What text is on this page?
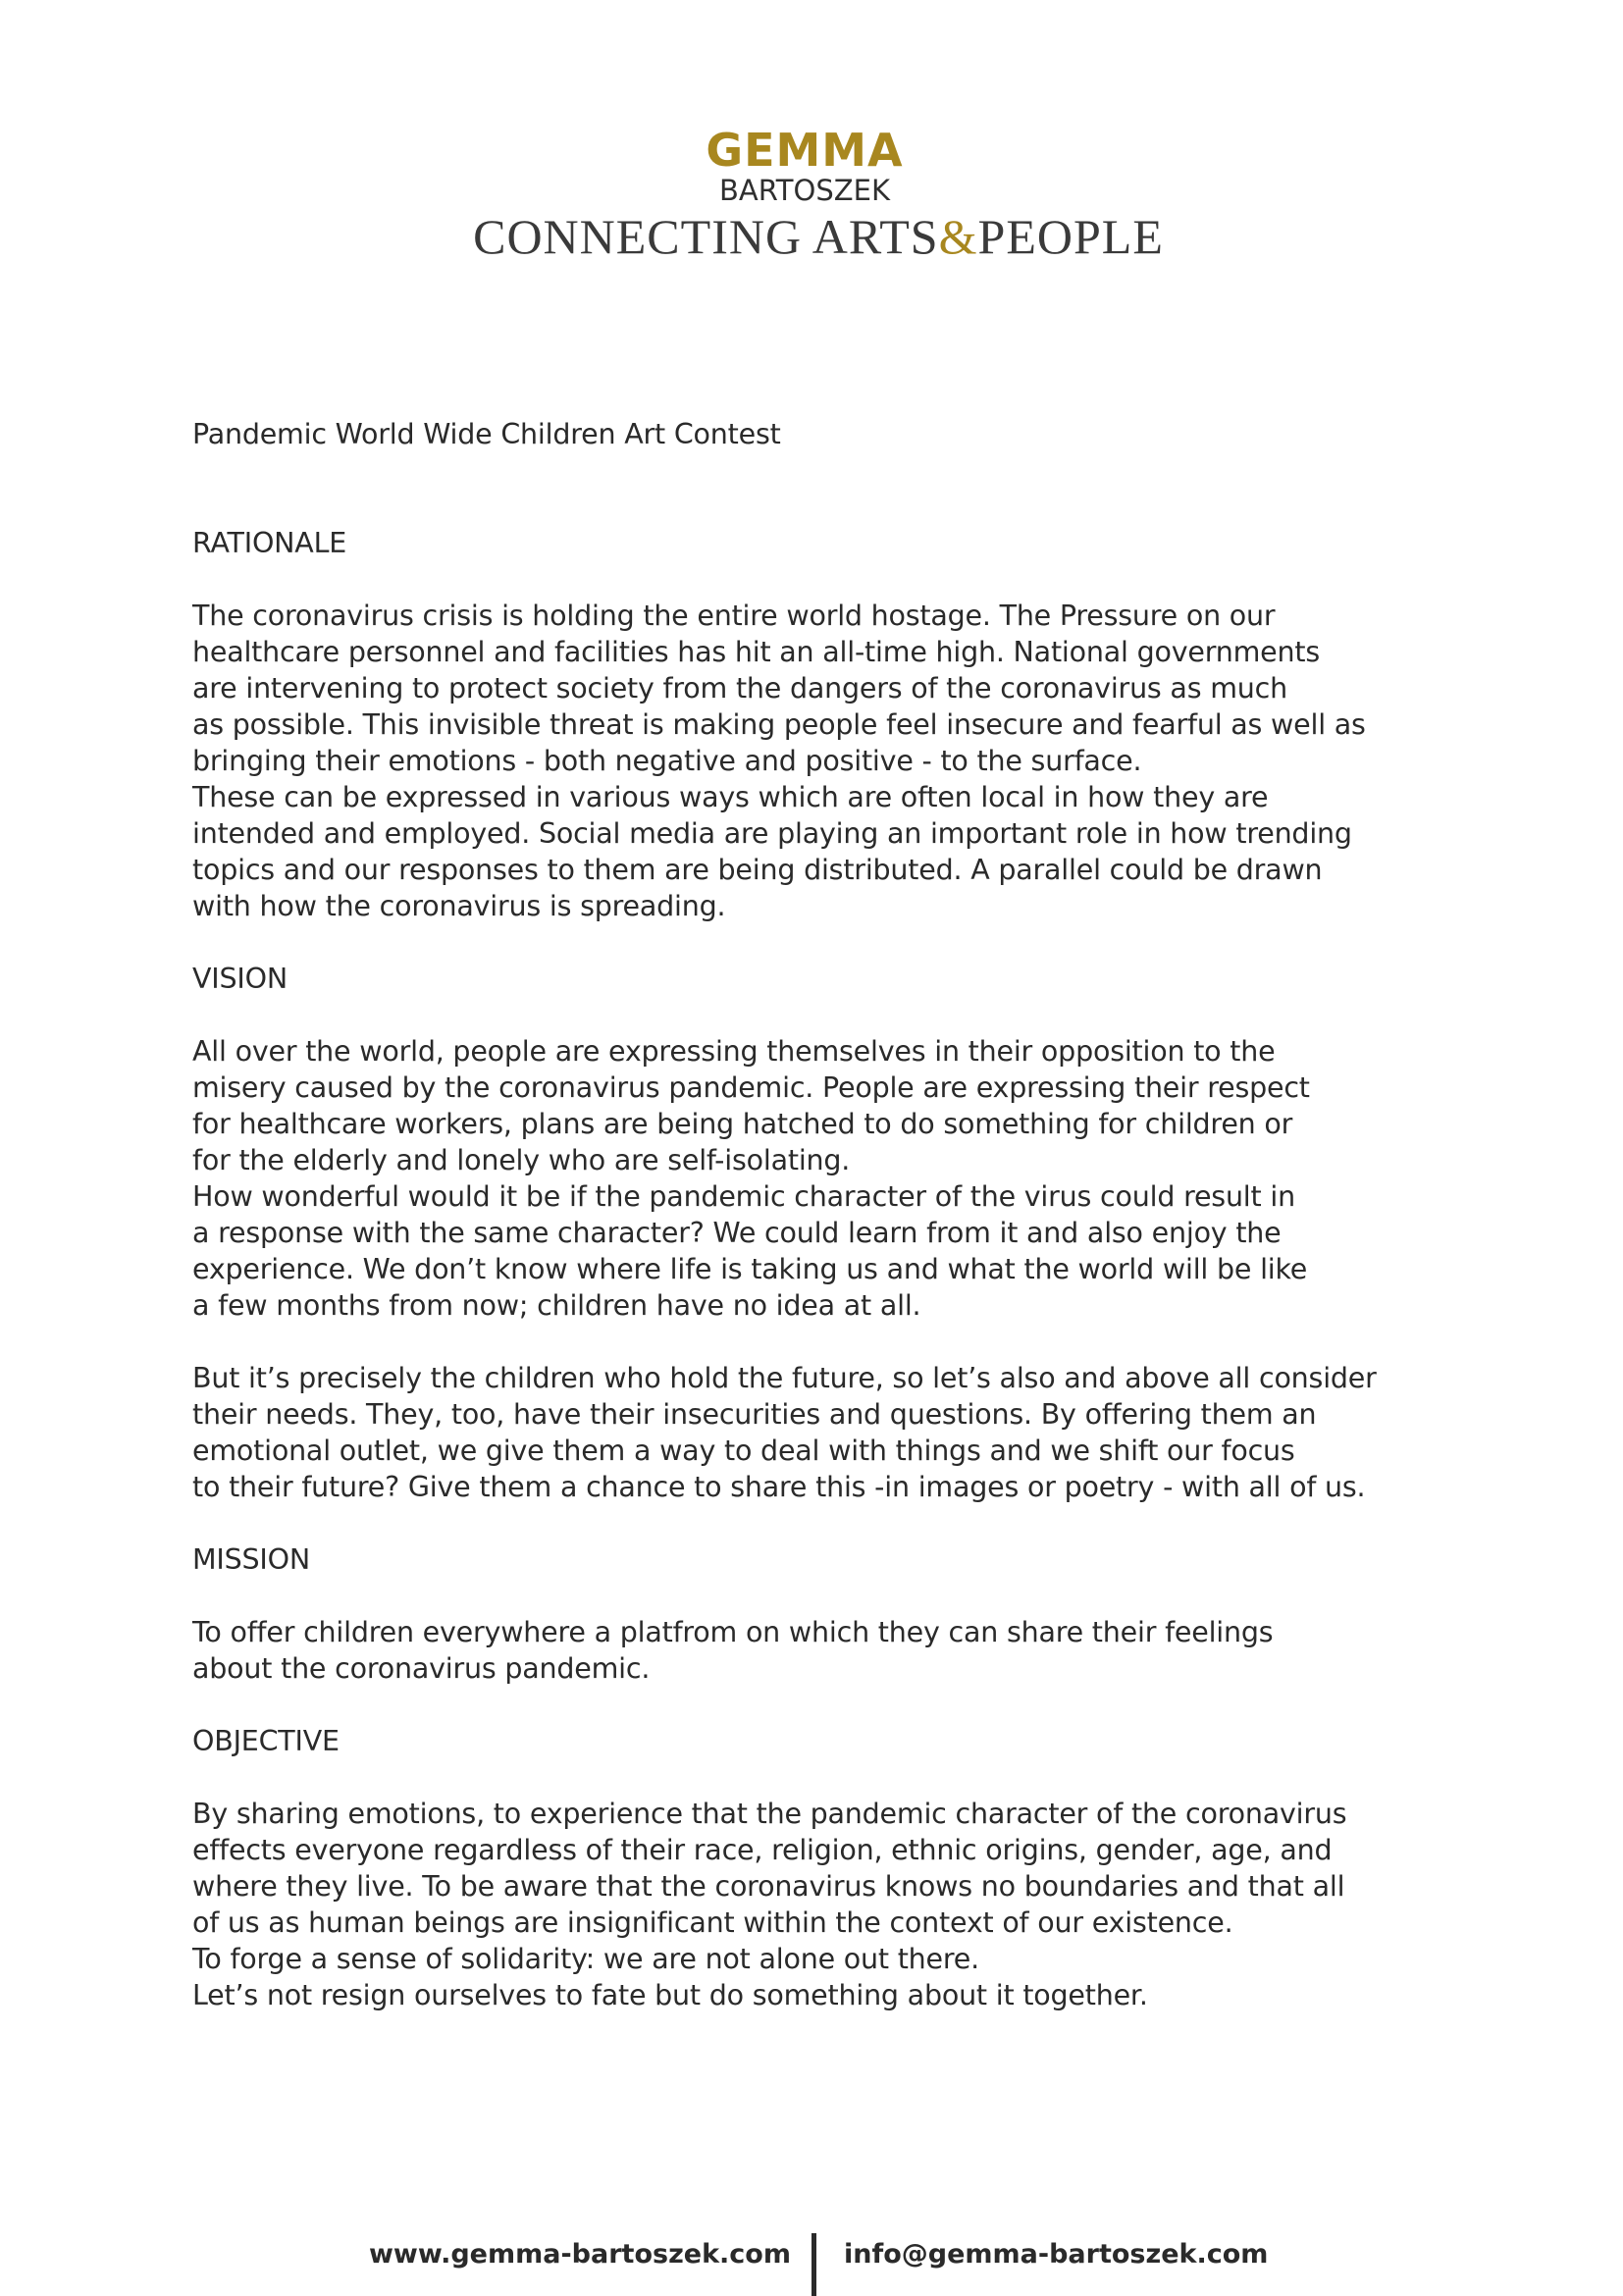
GEMMA
BARTOSZEK
CONNECTING ARTS&PEOPLE
Pandemic World Wide Children Art Contest
RATIONALE
The coronavirus crisis is holding the entire world hostage. The Pressure on our
healthcare personnel and facilities has hit an all-time high. National governments
are intervening to protect society from the dangers of the coronavirus as much
as possible. This invisible threat is making people feel insecure and fearful as well as
bringing their emotions - both negative and positive - to the surface.
These can be expressed in various ways which are often local in how they are
intended and employed. Social media are playing an important role in how trending
topics and our responses to them are being distributed. A parallel could be drawn
with how the coronavirus is spreading.
VISION
All over the world, people are expressing themselves in their opposition to the
misery caused by the coronavirus pandemic. People are expressing their respect
for healthcare workers, plans are being hatched to do something for children or
for the elderly and lonely who are self-isolating.
How wonderful would it be if the pandemic character of the virus could result in
a response with the same character? We could learn from it and also enjoy the
experience. We don’t know where life is taking us and what the world will be like
a few months from now; children have no idea at all.
But it’s precisely the children who hold the future, so let’s also and above all consider
their needs. They, too, have their insecurities and questions. By offering them an
emotional outlet, we give them a way to deal with things and we shift our focus
to their future? Give them a chance to share this -in images or poetry - with all of us.
MISSION
To offer children everywhere a platfrom on which they can share their feelings
about the coronavirus pandemic.
OBJECTIVE
By sharing emotions, to experience that the pandemic character of the coronavirus
effects everyone regardless of their race, religion, ethnic origins, gender, age, and
where they live. To be aware that the coronavirus knows no boundaries and that all
of us as human beings are insignificant within the context of our existence.
To forge a sense of solidarity: we are not alone out there.
Let’s not resign ourselves to fate but do something about it together.
www.gemma-bartoszek.com info@gemma-bartoszek.com
